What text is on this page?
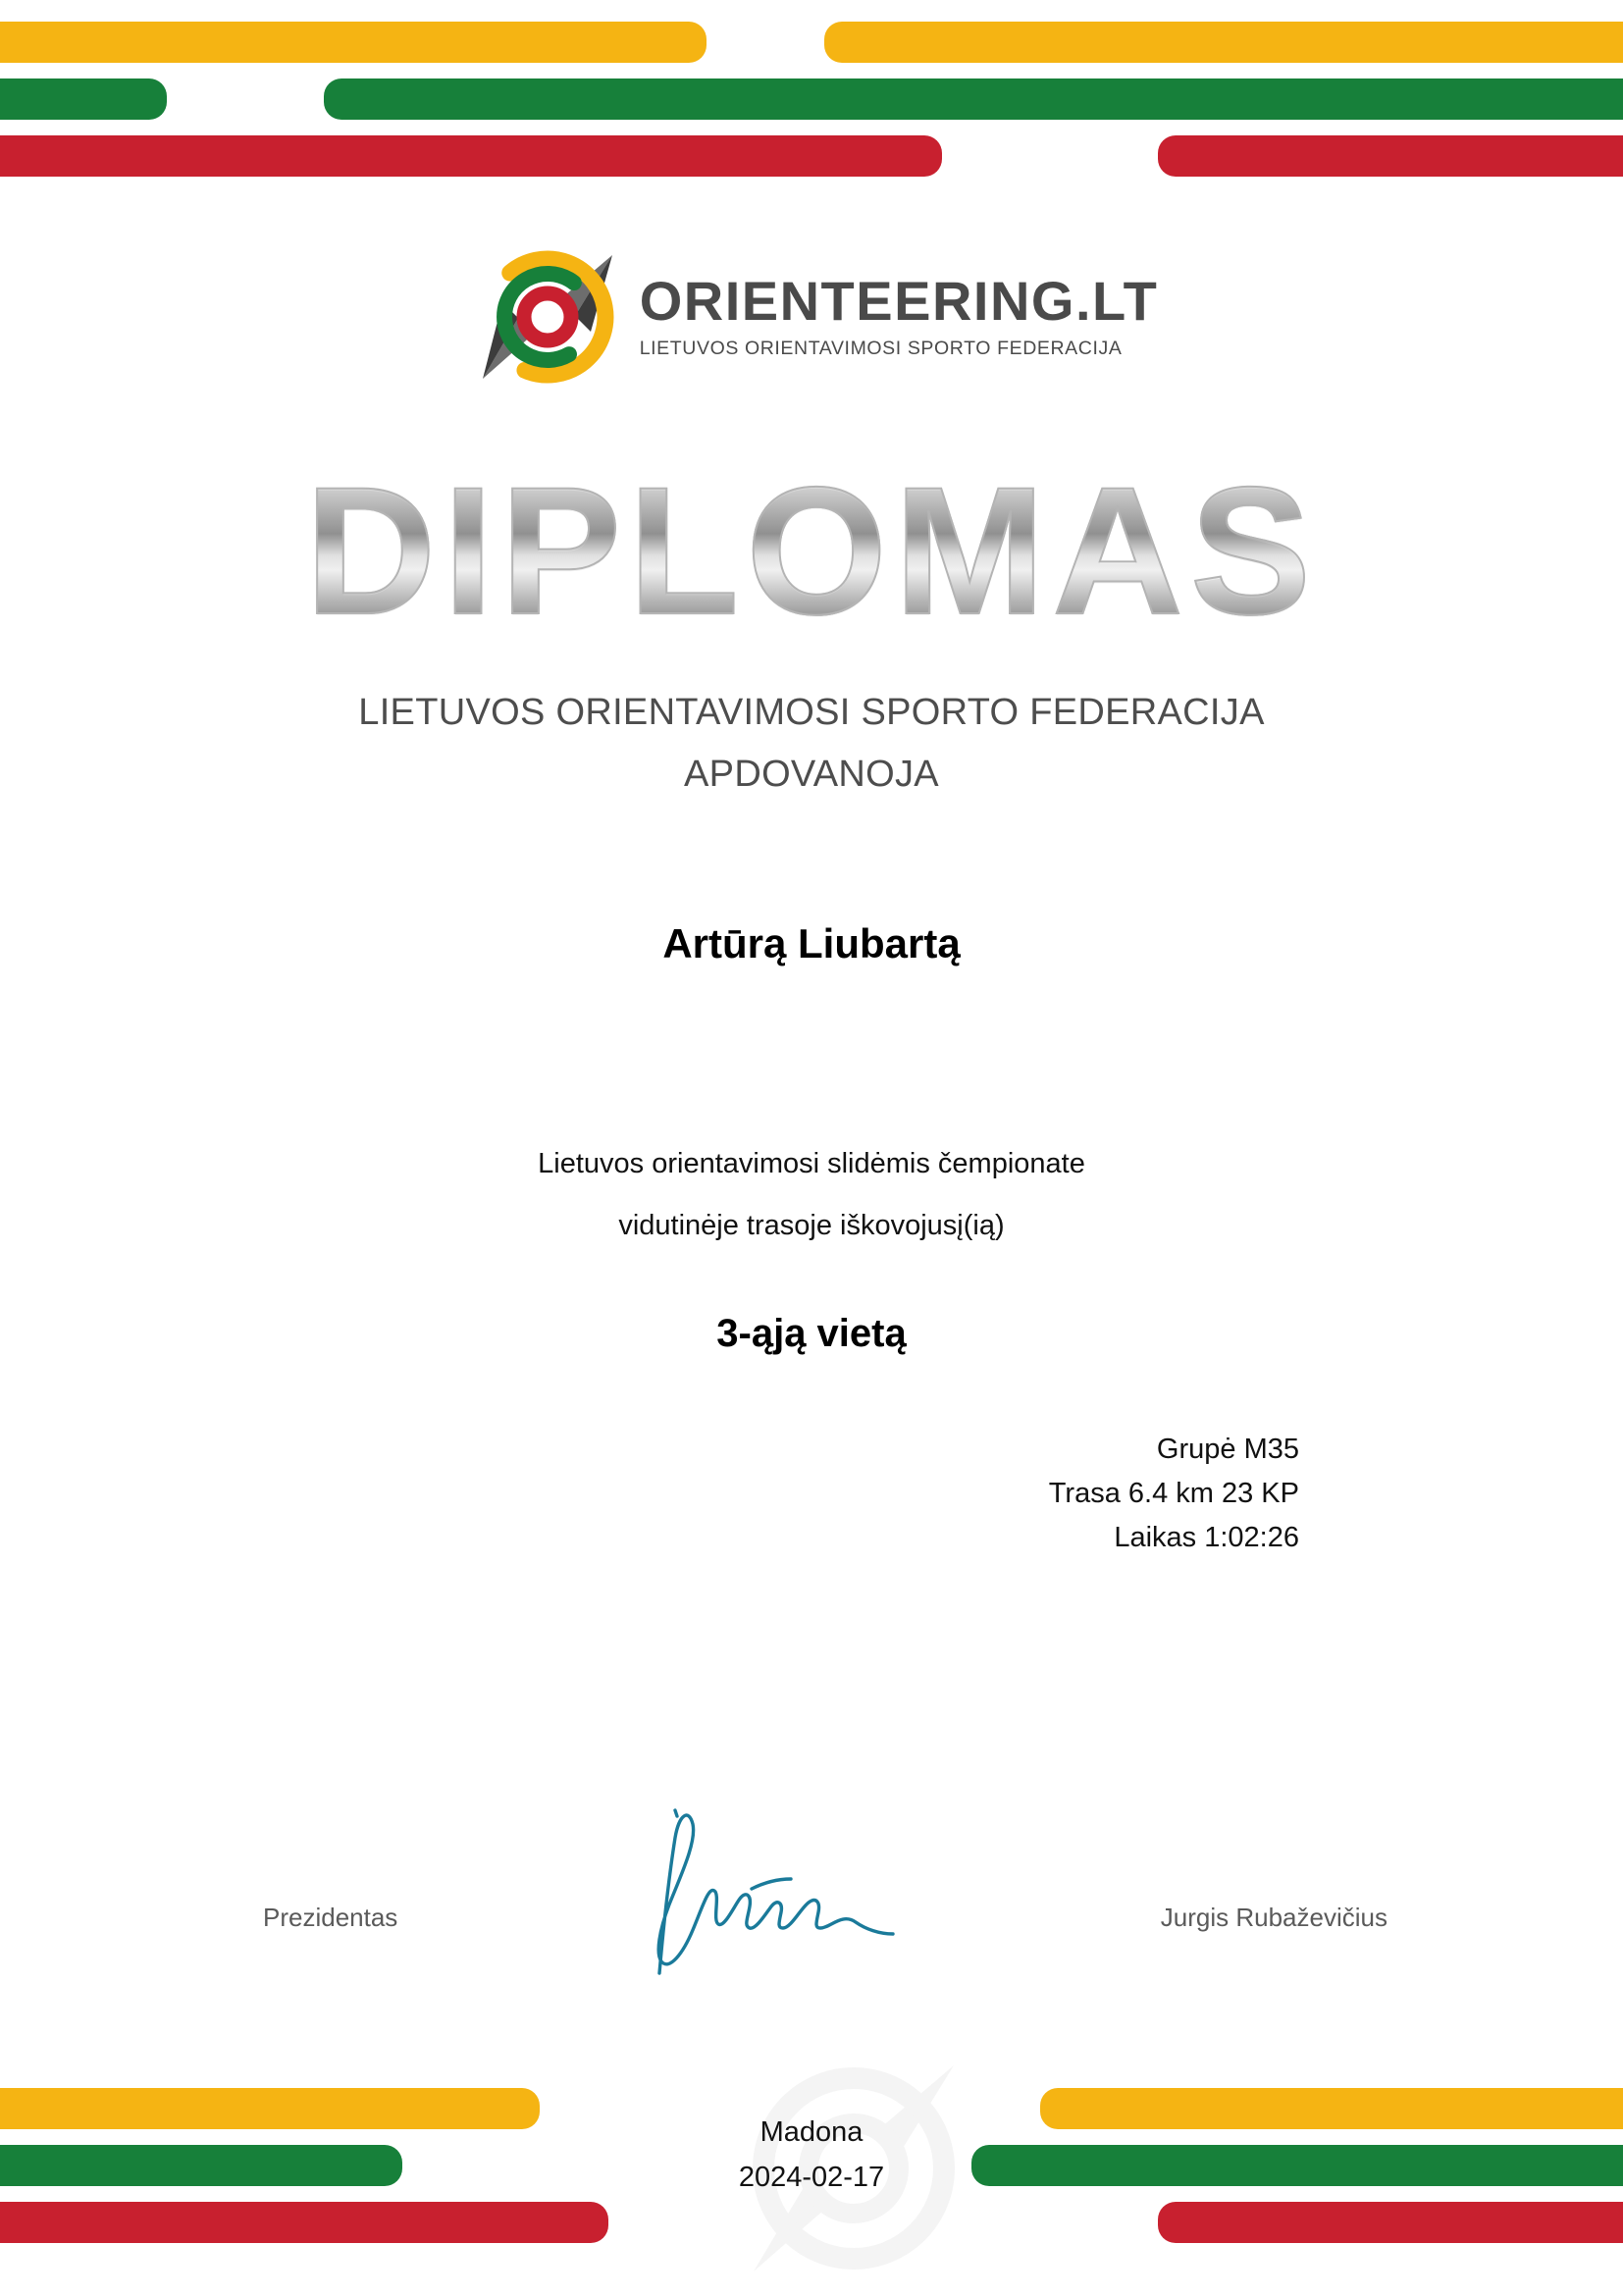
ORIENTEERING.LT
LIETUVOS ORIENTAVIMOSI SPORTO FEDERACIJA
DIPLOMAS
LIETUVOS ORIENTAVIMOSI SPORTO FEDERACIJA
APDOVANOJA
Artūrą Liubartą
Lietuvos orientavimosi slidėmis čempionate
vidutinėje trasoje iškovojusį(ią)
3-ąją vietą
Grupė M35
Trasa 6.4 km 23 KP
Laikas 1:02:26
Prezidentas	Jurgis Rubaževičius
Madona
2024-02-17
